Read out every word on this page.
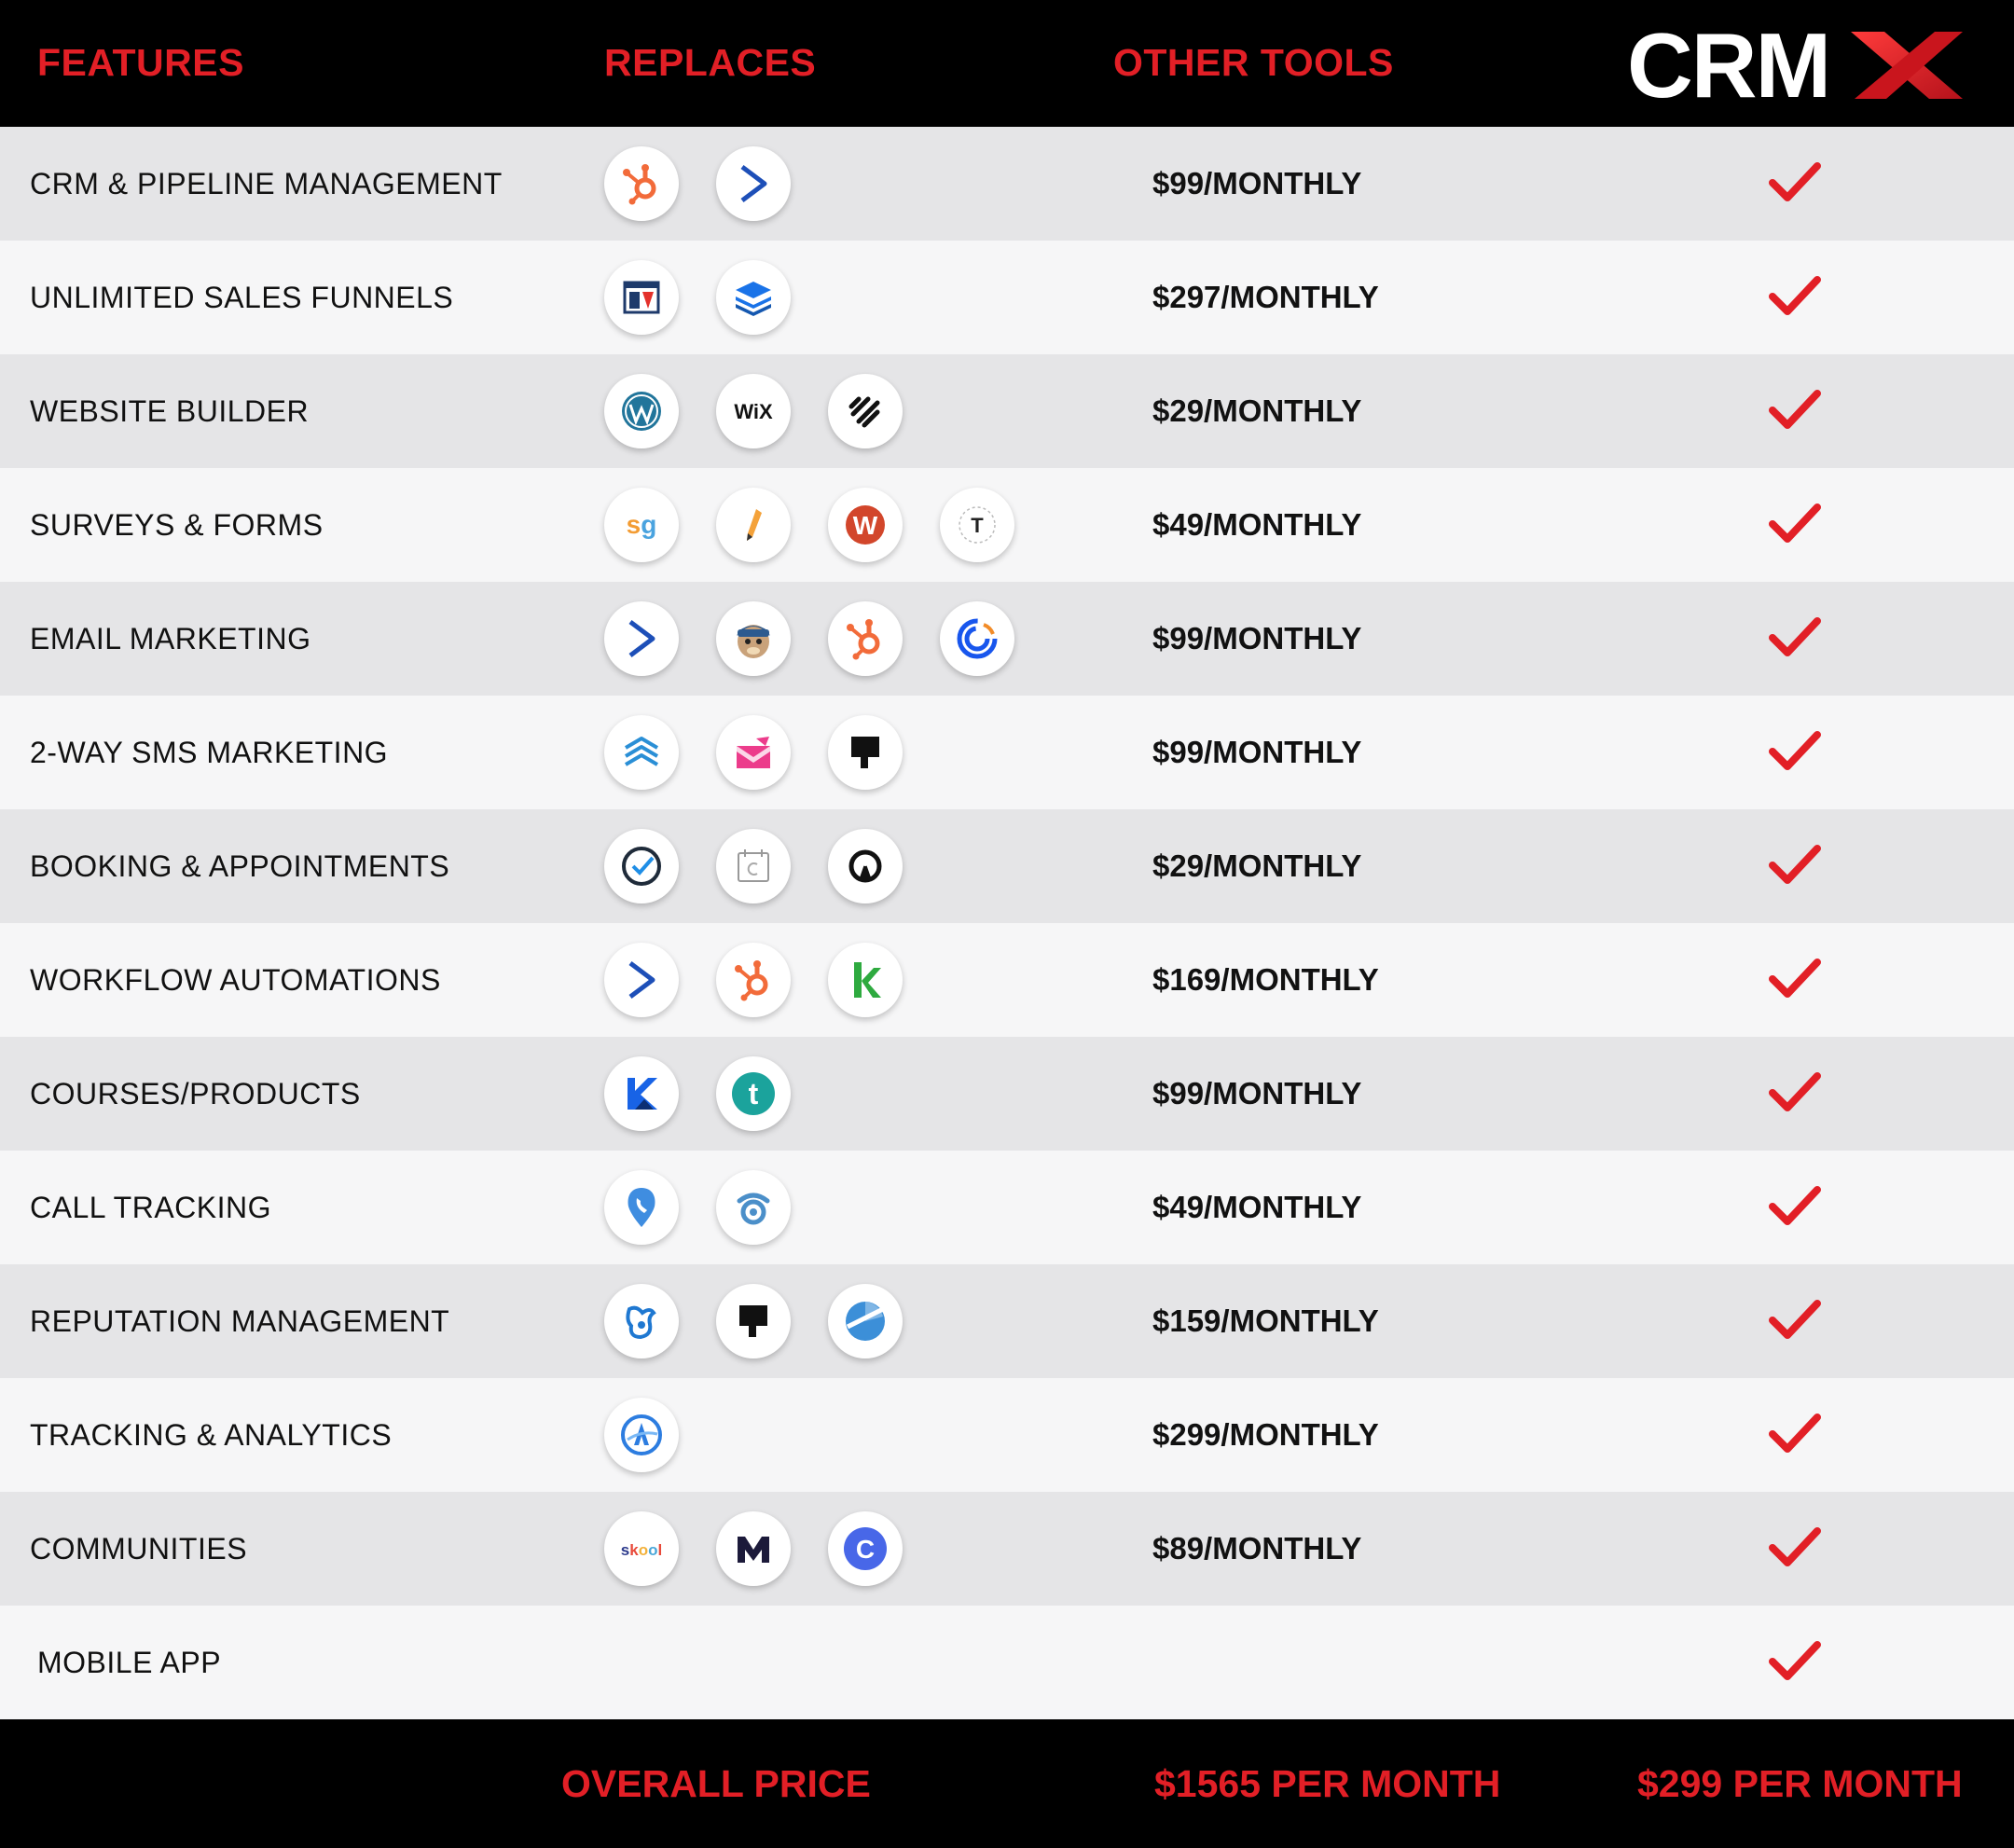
FEATURES	REPLACES	OTHER TOOLS	CRM
CRM & PIPELINE MANAGEMENT	$99/MONTHLY
UNLIMITED SALES FUNNELS	$297/MONTHLY
WEBSITE BUILDER	WiX	$29/MONTHLY
SURVEYS & FORMS	sg	W	T	$49/MONTHLY
EMAIL MARKETING	$99/MONTHLY
2-WAY SMS MARKETING	$99/MONTHLY
BOOKING & APPOINTMENTS	$29/MONTHLY
WORKFLOW AUTOMATIONS	$169/MONTHLY
COURSES/PRODUCTS	t	$99/MONTHLY
CALL TRACKING	$49/MONTHLY
REPUTATION MANAGEMENT	$159/MONTHLY
TRACKING & ANALYTICS	$299/MONTHLY
COMMUNITIES	skool	C	$89/MONTHLY
MOBILE APP
OVERALL PRICE	$1565 PER MONTH	$299 PER MONTH
